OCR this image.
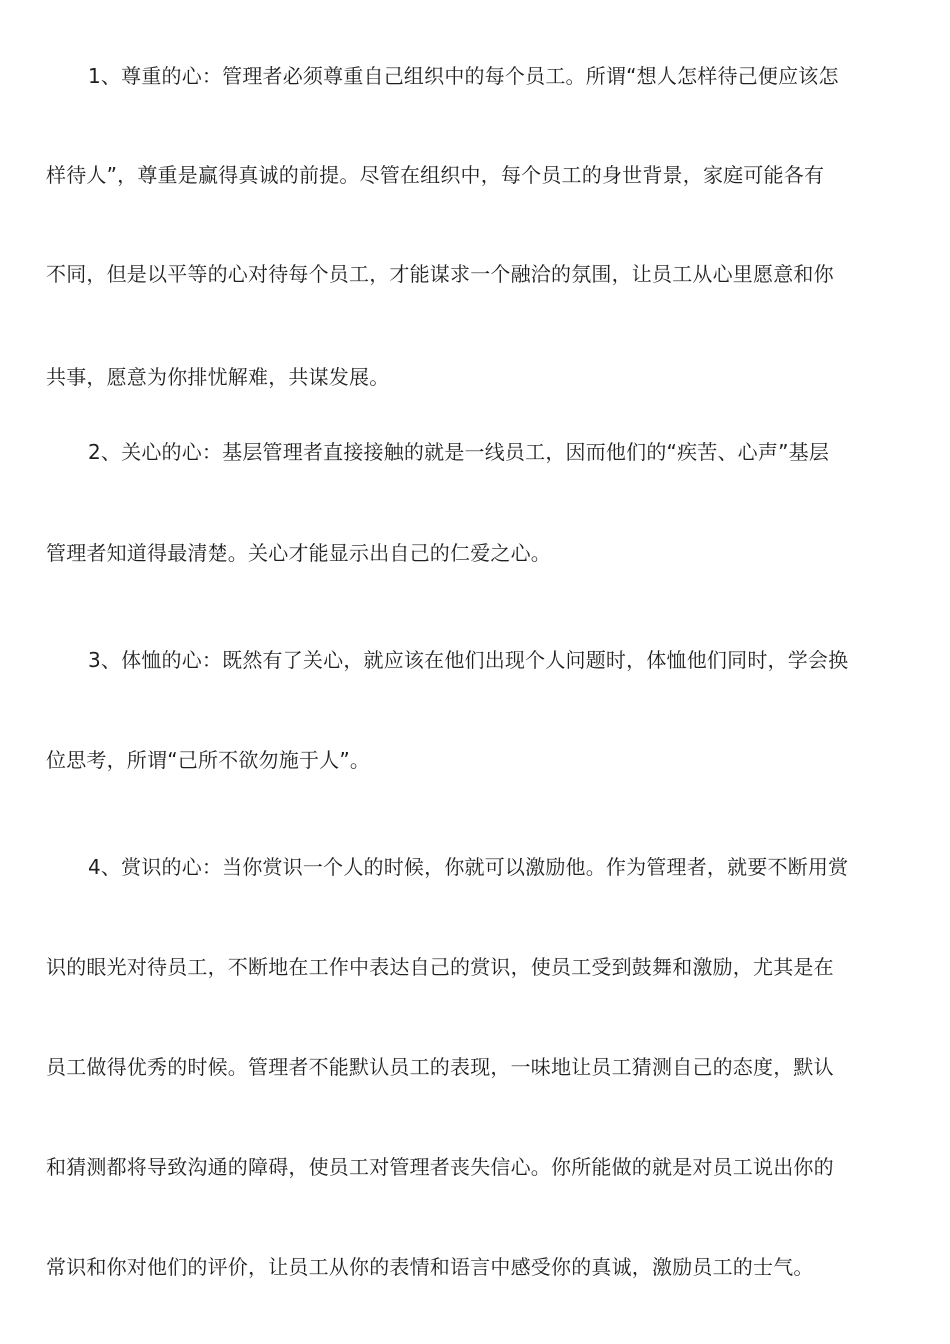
1、尊重的心：管理者必须尊重自己组织中的每个员工。所谓“想人怎样待己便应该怎
样待人”，尊重是赢得真诚的前提。尽管在组织中，每个员工的身世背景，家庭可能各有
不同，但是以平等的心对待每个员工，才能谋求一个融洽的氛围，让员工从心里愿意和你
共事，愿意为你排忧解难，共谋发展。
2、关心的心：基层管理者直接接触的就是一线员工，因而他们的“疾苦、心声”基层
管理者知道得最清楚。关心才能显示出自己的仁爱之心。
3、体恤的心：既然有了关心，就应该在他们出现个人问题时，体恤他们同时，学会换
位思考，所谓“己所不欲勿施于人”。
4、赏识的心：当你赏识一个人的时候，你就可以激励他。作为管理者，就要不断用赏
识的眼光对待员工，不断地在工作中表达自己的赏识，使员工受到鼓舞和激励，尤其是在
员工做得优秀的时候。管理者不能默认员工的表现，一味地让员工猜测自己的态度，默认
和猜测都将导致沟通的障碍，使员工对管理者丧失信心。你所能做的就是对员工说出你的
常识和你对他们的评价，让员工从你的表情和语言中感受你的真诚，激励员工的士气。
